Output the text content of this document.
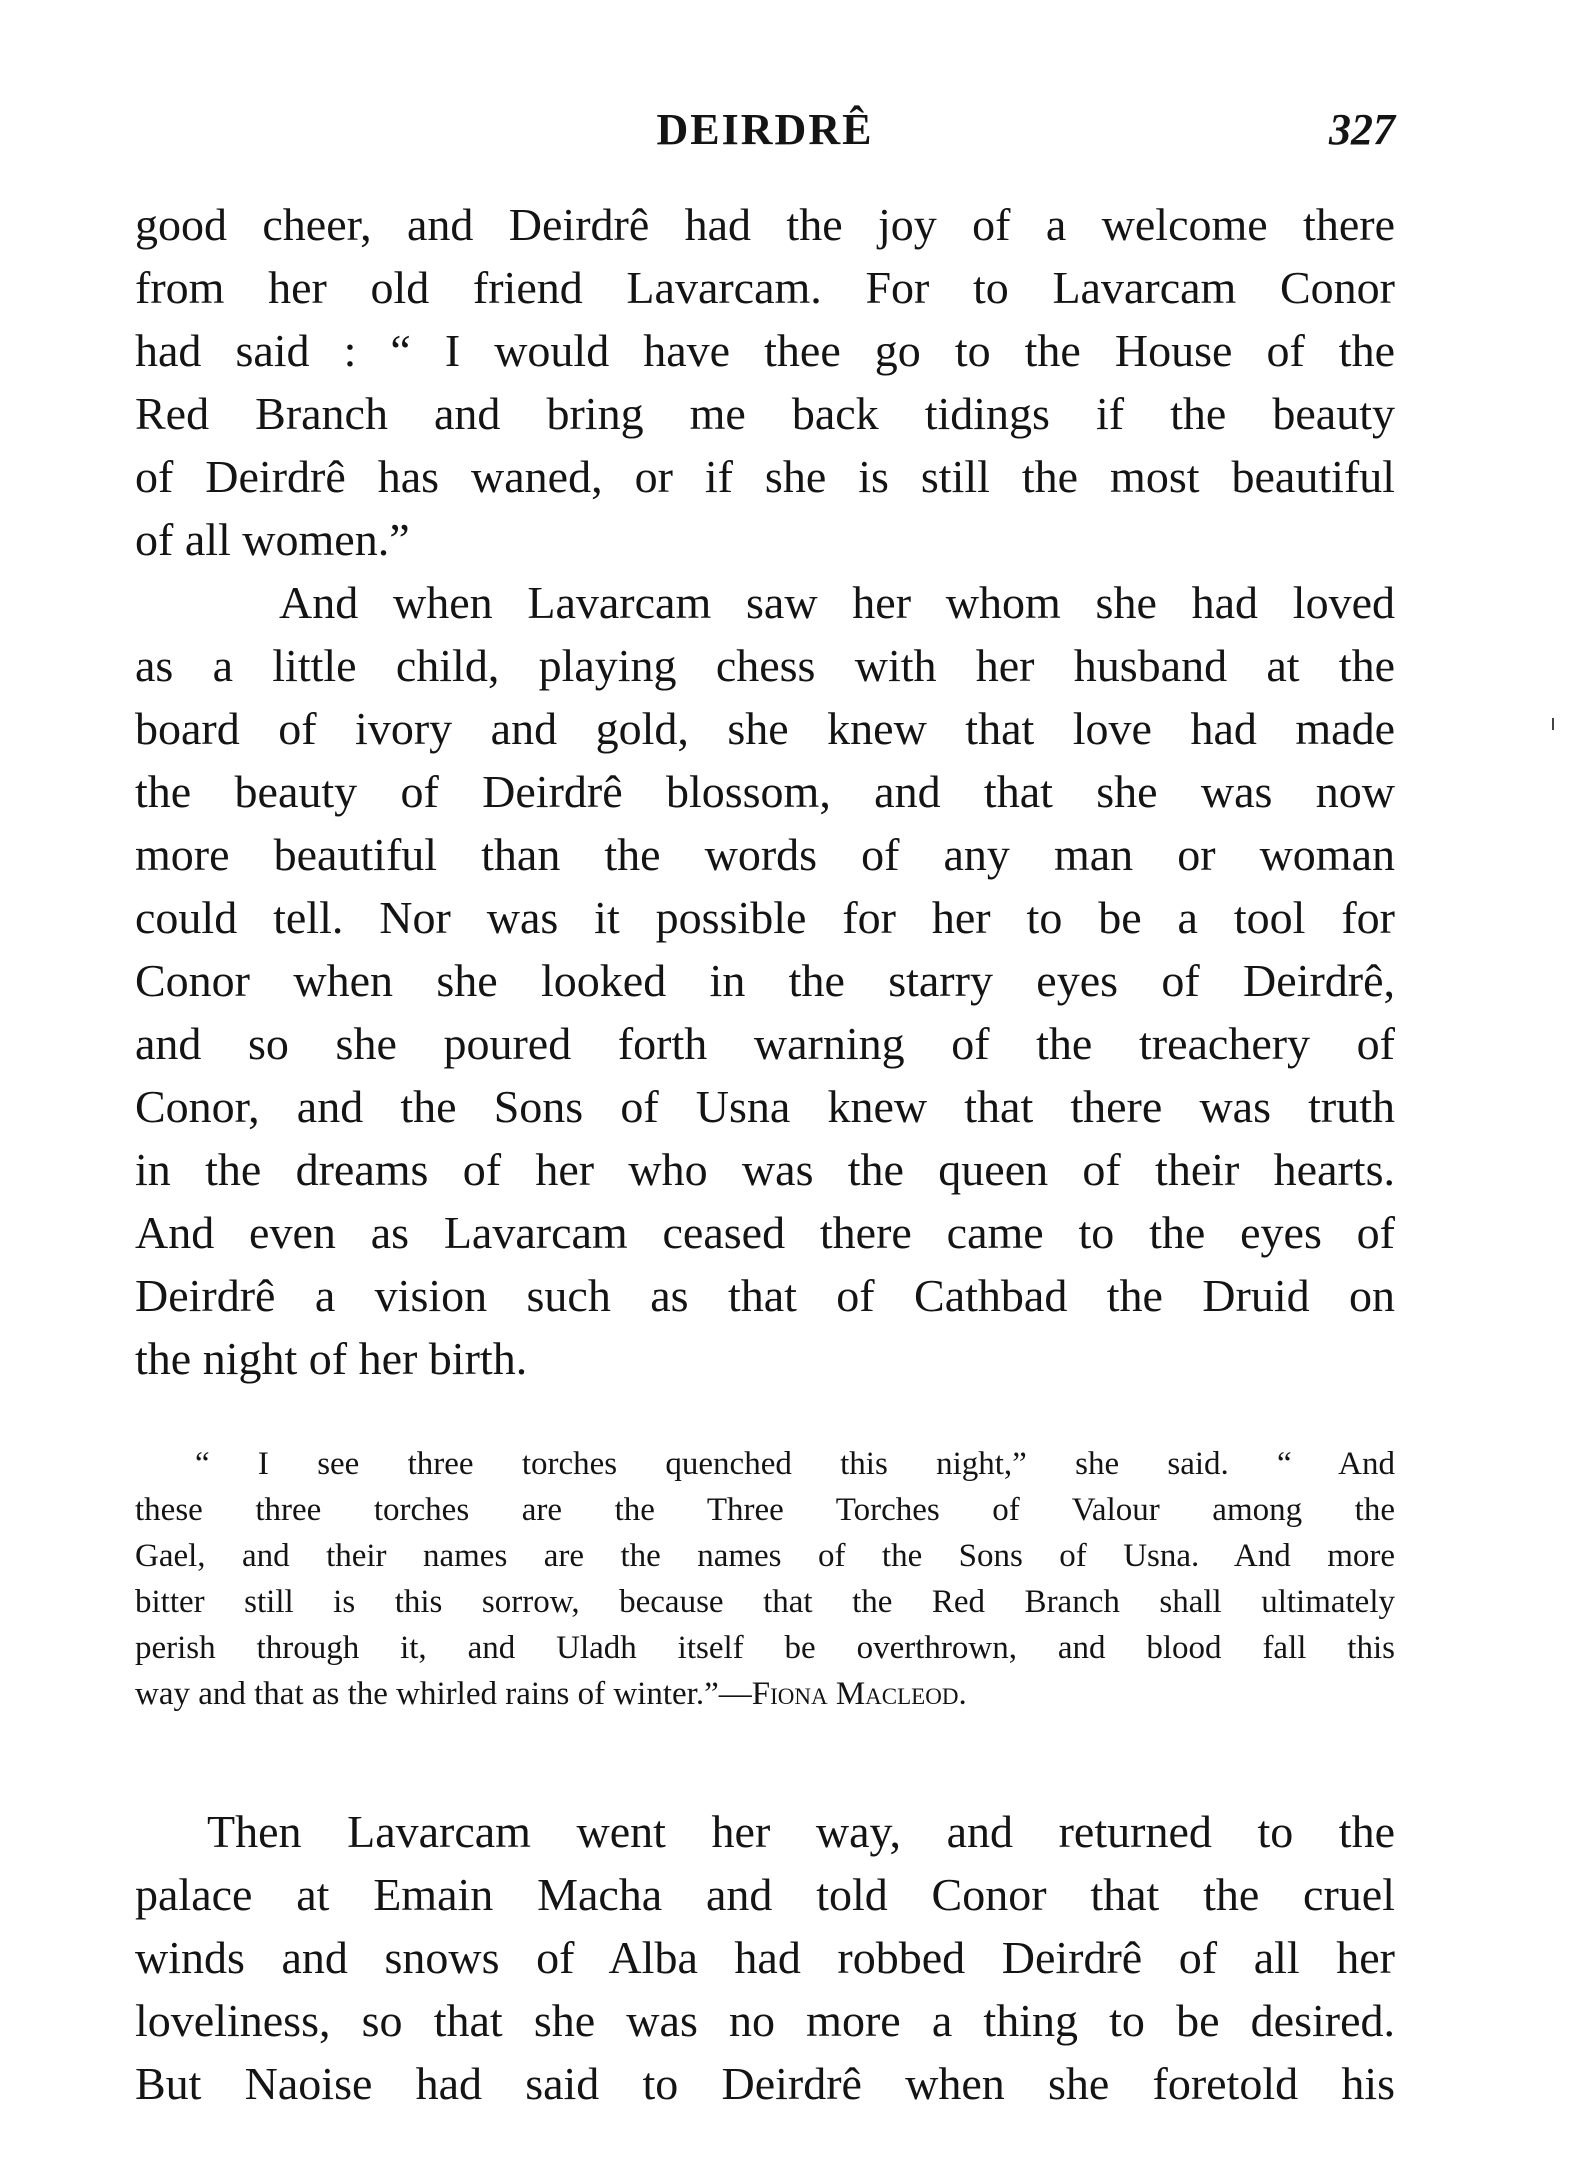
DEIRDRÊ	327
good cheer, and Deirdrê had the joy of a welcome there
from her old friend Lavarcam. For to Lavarcam Conor
had said : “ I would have thee go to the House of the
Red Branch and bring me back tidings if the beauty
of Deirdrê has waned, or if she is still the most beautiful
of all women.”
And when Lavarcam saw her whom she had loved
as a little child, playing chess with her husband at the
board of ivory and gold, she knew that love had made
the beauty of Deirdrê blossom, and that she was now
more beautiful than the words of any man or woman
could tell. Nor was it possible for her to be a tool for
Conor when she looked in the starry eyes of Deirdrê,
and so she poured forth warning of the treachery of
Conor, and the Sons of Usna knew that there was truth
in the dreams of her who was the queen of their hearts.
And even as Lavarcam ceased there came to the eyes of
Deirdrê a vision such as that of Cathbad the Druid on
the night of her birth.
“ I see three torches quenched this night,” she said. “ And
these three torches are the Three Torches of Valour among the
Gael, and their names are the names of the Sons of Usna. And more
bitter still is this sorrow, because that the Red Branch shall ultimately
perish through it, and Uladh itself be overthrown, and blood fall this
way and that as the whirled rains of winter.”—Fiona Macleod.
Then Lavarcam went her way, and returned to the
palace at Emain Macha and told Conor that the cruel
winds and snows of Alba had robbed Deirdrê of all her
loveliness, so that she was no more a thing to be desired.
But Naoise had said to Deirdrê when she foretold his
